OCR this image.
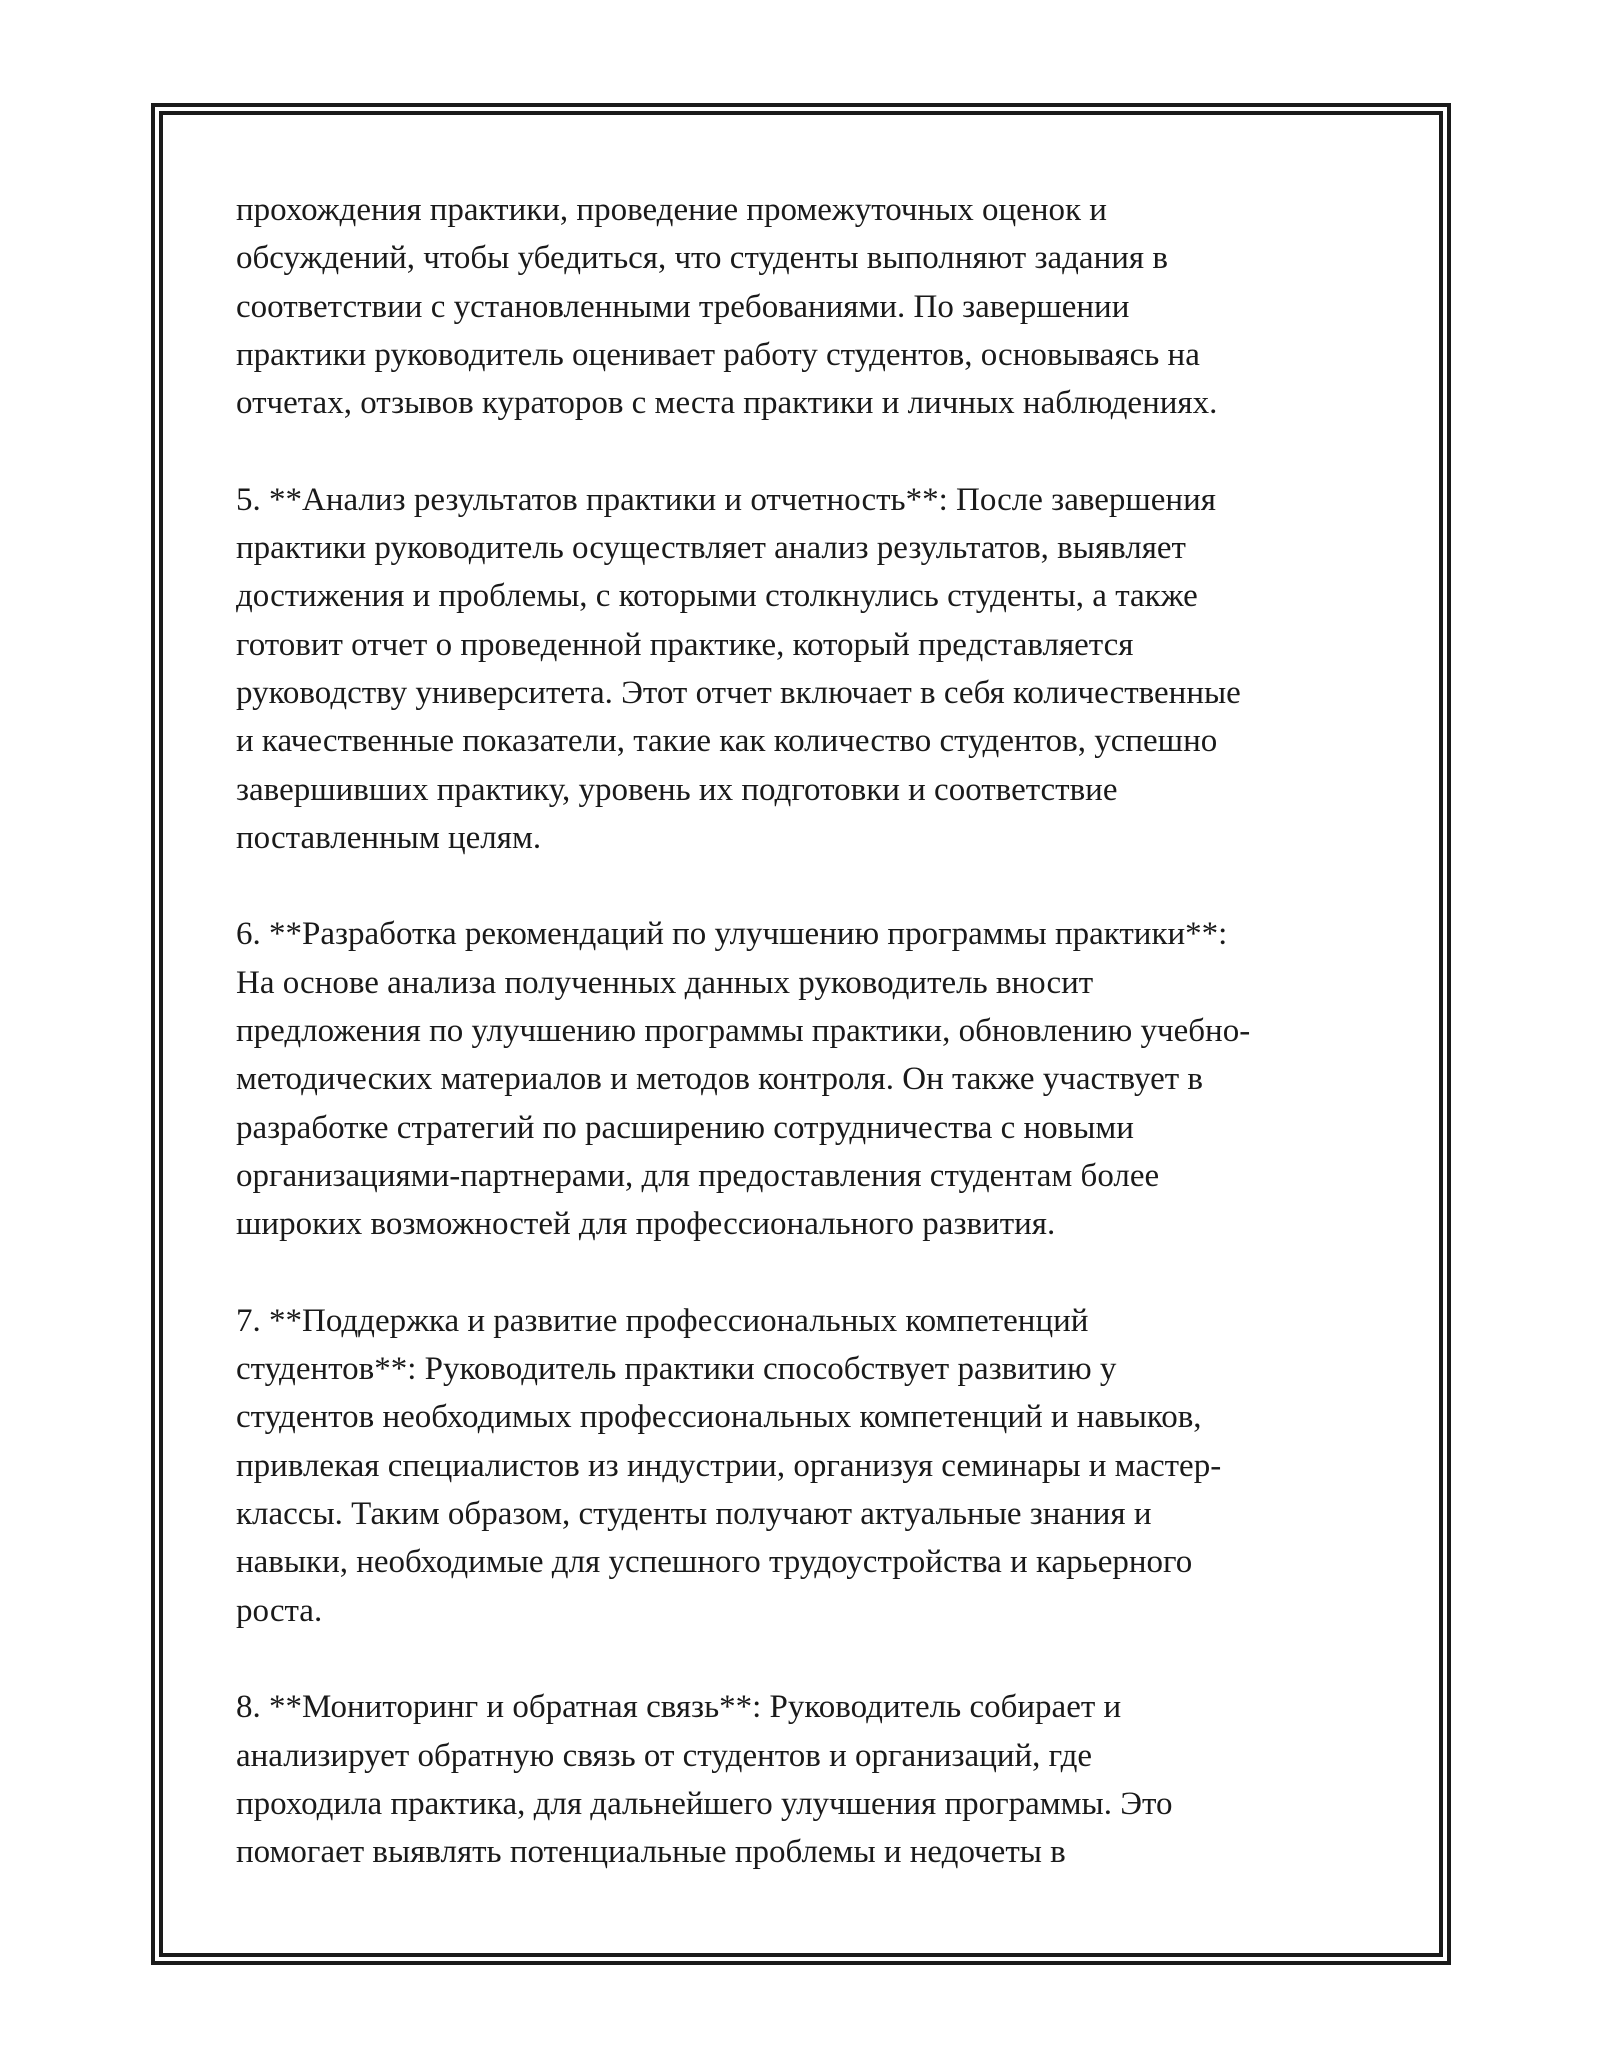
прохождения практики, проведение промежуточных оценок и
обсуждений, чтобы убедиться, что студенты выполняют задания в
соответствии с установленными требованиями. По завершении
практики руководитель оценивает работу студентов, основываясь на
отчетах, отзывов кураторов с места практики и личных наблюдениях.
5. **Анализ результатов практики и отчетность**: После завершения
практики руководитель осуществляет анализ результатов, выявляет
достижения и проблемы, с которыми столкнулись студенты, а также
готовит отчет о проведенной практике, который представляется
руководству университета. Этот отчет включает в себя количественные
и качественные показатели, такие как количество студентов, успешно
завершивших практику, уровень их подготовки и соответствие
поставленным целям.
6. **Разработка рекомендаций по улучшению программы практики**:
На основе анализа полученных данных руководитель вносит
предложения по улучшению программы практики, обновлению учебно-
методических материалов и методов контроля. Он также участвует в
разработке стратегий по расширению сотрудничества с новыми
организациями-партнерами, для предоставления студентам более
широких возможностей для профессионального развития.
7. **Поддержка и развитие профессиональных компетенций
студентов**: Руководитель практики способствует развитию у
студентов необходимых профессиональных компетенций и навыков,
привлекая специалистов из индустрии, организуя семинары и мастер-
классы. Таким образом, студенты получают актуальные знания и
навыки, необходимые для успешного трудоустройства и карьерного
роста.
8. **Мониторинг и обратная связь**: Руководитель собирает и
анализирует обратную связь от студентов и организаций, где
проходила практика, для дальнейшего улучшения программы. Это
помогает выявлять потенциальные проблемы и недочеты в
